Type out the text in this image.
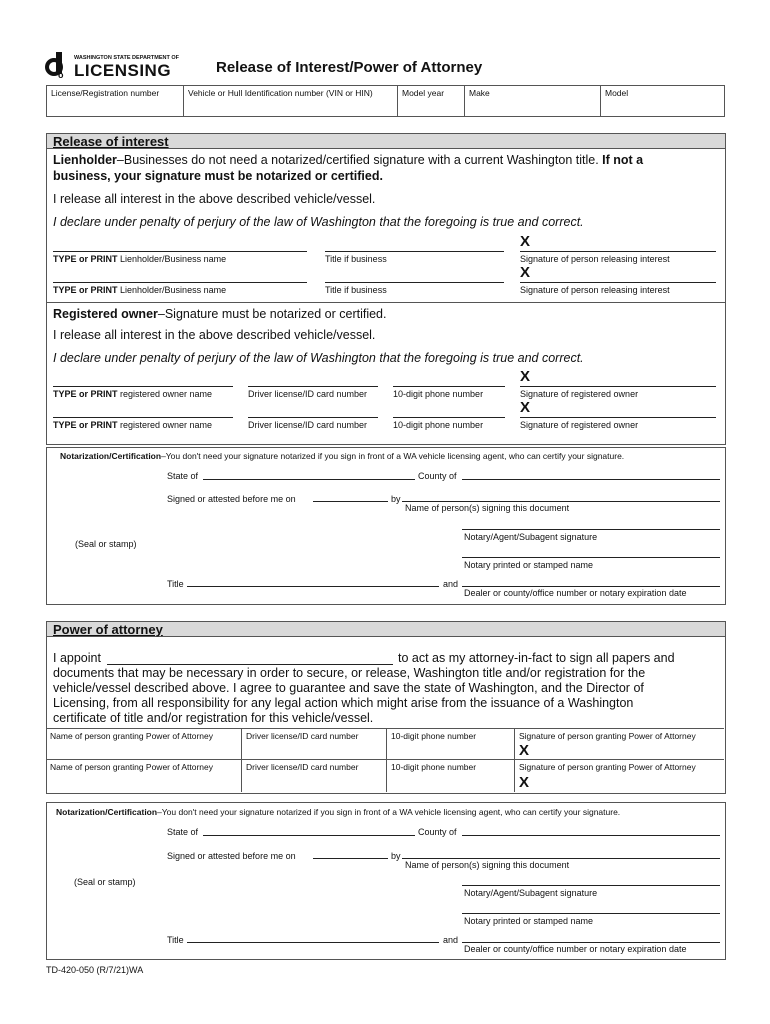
o
WASHINGTON STATE DEPARTMENT OF
LICENSING	Release of Interest/Power of Attorney
License/Registration number	Vehicle or Hull Identification number (VIN or HIN)	Model year	Make	Model
Release of interest
Lienholder–Businesses do not need a notarized/certified signature with a current Washington title. If not a
business, your signature must be notarized or certified.
I release all interest in the above described vehicle/vessel.
I declare under penalty of perjury of the law of Washington that the foregoing is true and correct.
X
TYPE or PRINT Lienholder/Business name	Title if business	Signature of person releasing interest
X
TYPE or PRINT Lienholder/Business name	Title if business	Signature of person releasing interest
Registered owner–Signature must be notarized or certified.
I release all interest in the above described vehicle/vessel.
I declare under penalty of perjury of the law of Washington that the foregoing is true and correct.
X
TYPE or PRINT registered owner name	Driver license/ID card number	10-digit phone number	Signature of registered owner
X
TYPE or PRINT registered owner name	Driver license/ID card number	10-digit phone number	Signature of registered owner
Notarization/Certification–You don't need your signature notarized if you sign in front of a WA vehicle licensing agent, who can certify your signature.
State of	County of
Signed or attested before me on	by
Name of person(s) signing this document
Notary/Agent/Subagent signature
(Seal or stamp)
Notary printed or stamped name
Title	and
Dealer or county/office number or notary expiration date
Power of attorney
I appoint	to act as my attorney-in-fact to sign all papers and
documents that may be necessary in order to secure, or release, Washington title and/or registration for the
vehicle/vessel described above. I agree to guarantee and save the state of Washington, and the Director of
Licensing, from all responsibility for any legal action which might arise from the issuance of a Washington
certificate of title and/or registration for this vehicle/vessel.
Name of person granting Power of Attorney	Driver license/ID card number	10-digit phone number	Signature of person granting Power of Attorney
Name of person granting Power of Attorney	Driver license/ID card number	10-digit phone number	Signature of person granting Power of Attorney
X
X
Notarization/Certification–You don't need your signature notarized if you sign in front of a WA vehicle licensing agent, who can certify your signature.
State of	County of
Signed or attested before me on	by
Name of person(s) signing this document
(Seal or stamp)
Notary/Agent/Subagent signature
Notary printed or stamped name
Title	and
Dealer or county/office number or notary expiration date
TD-420-050 (R/7/21)WA
